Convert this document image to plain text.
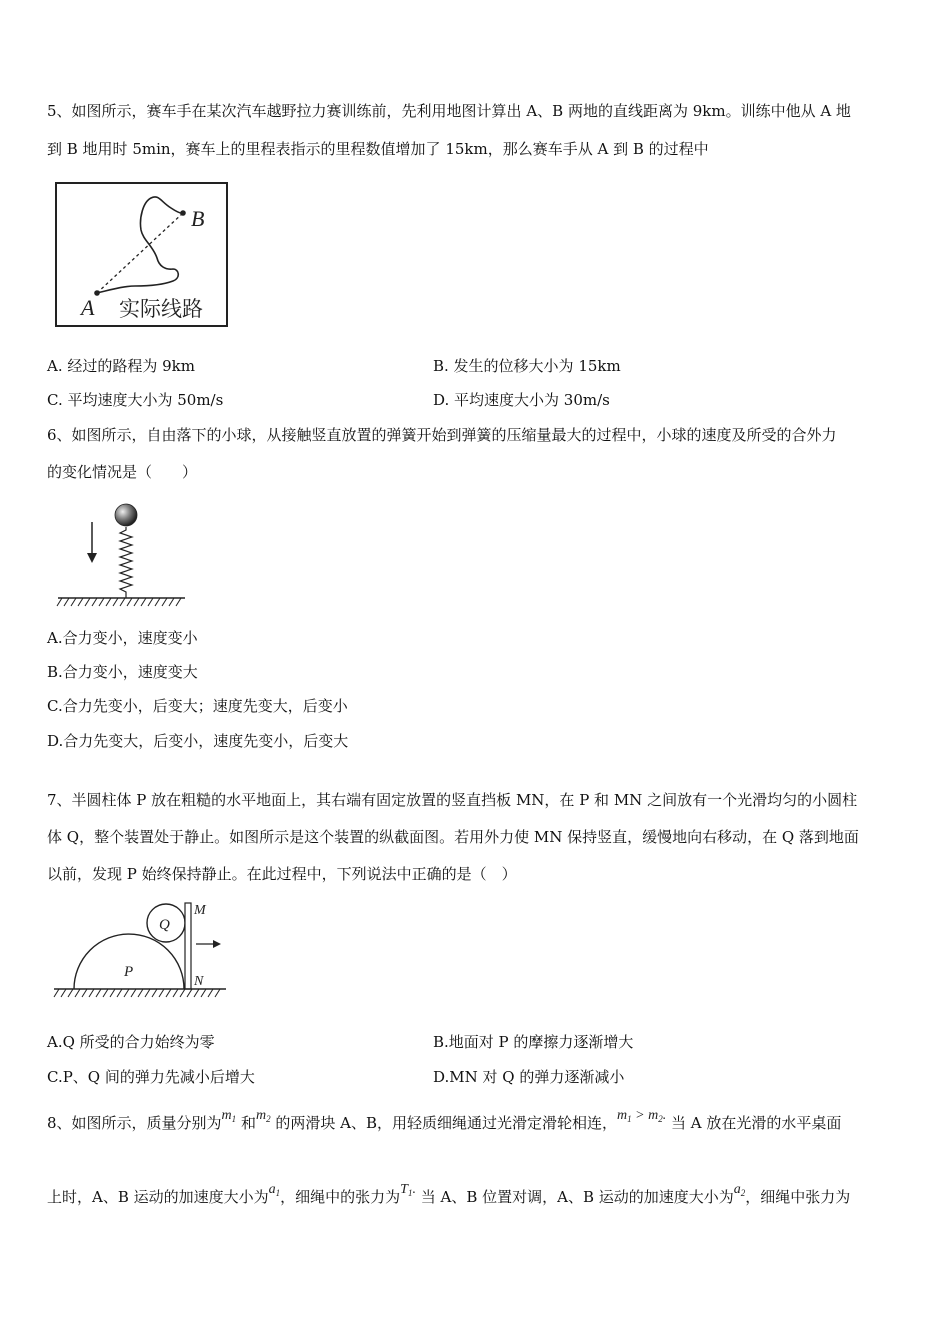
5、如图所示，赛车手在某次汽车越野拉力赛训练前，先利用地图计算出 A、B 两地的直线距离为 9km。训练中他从 A 地
到 B 地用时 5min，赛车上的里程表指示的里程数值增加了 15km，那么赛车手从 A 到 B 的过程中
B
A 实际线路
A. 经过的路程为 9km	B. 发生的位移大小为 15km
C. 平均速度大小为 50m/s	D. 平均速度大小为 30m/s
6、如图所示，自由落下的小球，从接触竖直放置的弹簧开始到弹簧的压缩量最大的过程中，小球的速度及所受的合外力
的变化情况是（　　）
A.合力变小，速度变小
B.合力变小，速度变大
C.合力先变小，后变大；速度先变大，后变小
D.合力先变大，后变小，速度先变小，后变大
7、半圆柱体 P 放在粗糙的水平地面上，其右端有固定放置的竖直挡板 MN，在 P 和 MN 之间放有一个光滑均匀的小圆柱
体 Q，整个装置处于静止。如图所示是这个装置的纵截面图。若用外力使 MN 保持竖直，缓慢地向右移动，在 Q 落到地面
以前，发现 P 始终保持静止。在此过程中，下列说法中正确的是（　）
Q
P
M
N
A.Q 所受的合力始终为零	B.地面对 P 的摩擦力逐渐增大
C.P、Q 间的弹力先减小后增大	D.MN 对 Q 的弹力逐渐减小
8、如图所示，质量分别为$m_1$ 和$m_2$ 的两滑块 A、B，用轻质细绳通过光滑定滑轮相连，$m_1 > m_2$. 当 A 放在光滑的水平桌面
上时，A、B 运动的加速度大小为$a_1$，细绳中的张力为$T_1$. 当 A、B 位置对调，A、B 运动的加速度大小为$a_2$，细绳中张力为
